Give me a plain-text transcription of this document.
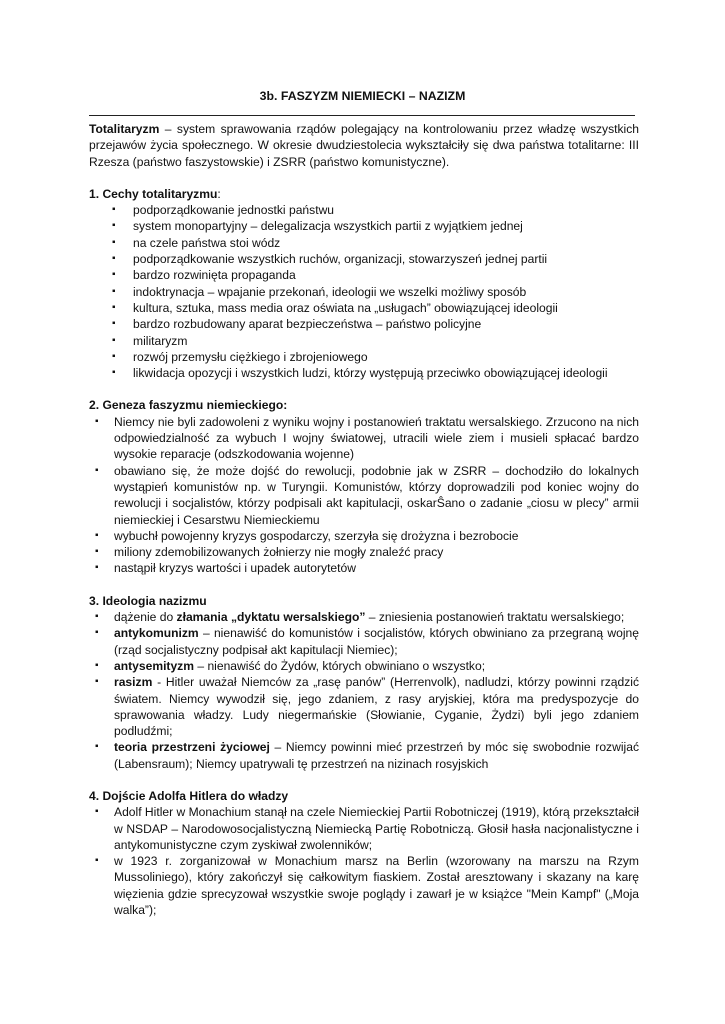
3b. FASZYZM NIEMIECKI – NAZIZM

Totalitaryzm – system sprawowania rządów polegający na kontrolowaniu przez władzę wszystkich przejawów życia społecznego. W okresie dwudziestolecia wykształciły się dwa państwa totalitarne: III Rzesza (państwo faszystowskie) i ZSRR (państwo komunistyczne).

1. Cechy totalitaryzmu:

▪ podporządkowanie jednostki państwu
▪ system monopartyjny – delegalizacja wszystkich partii z wyjątkiem jednej
▪ na czele państwa stoi wódz
▪ podporządkowanie wszystkich ruchów, organizacji, stowarzyszeń jednej partii
▪ bardzo rozwinięta propaganda
▪ indoktrynacja – wpajanie przekonań, ideologii we wszelki możliwy sposób
▪ kultura, sztuka, mass media oraz oświata na „usługach” obowiązującej ideologii
▪ bardzo rozbudowany aparat bezpieczeństwa – państwo policyjne
▪ militaryzm
▪ rozwój przemysłu ciężkiego i zbrojeniowego
▪ likwidacja opozycji i wszystkich ludzi, którzy występują przeciwko obowiązującej ideologii

2. Geneza faszyzmu niemieckiego:

▪ Niemcy nie byli zadowoleni z wyniku wojny i postanowień traktatu wersalskiego. Zrzucono na nich odpowiedzialność za wybuch I wojny światowej, utracili wiele ziem i musieli spłacać bardzo wysokie reparacje (odszkodowania wojenne)
▪ obawiano się, że może dojść do rewolucji, podobnie jak w ZSRR – dochodziło do lokalnych wystąpień komunistów np. w Turyngii. Komunistów, którzy doprowadzili pod koniec wojny do rewolucji i socjalistów, którzy podpisali akt kapitulacji, oskarŜano o zadanie „ciosu w plecy” armii niemieckiej i Cesarstwu Niemieckiemu
▪ wybuchł powojenny kryzys gospodarczy, szerzyła się drożyzna i bezrobocie
▪ miliony zdemobilizowanych żołnierzy nie mogły znaleźć pracy
▪ nastąpił kryzys wartości i upadek autorytetów

3. Ideologia nazizmu

▪ dążenie do złamania „dyktatu wersalskiego” – zniesienia postanowień traktatu wersalskiego;
▪ antykomunizm – nienawiść do komunistów i socjalistów, których obwiniano za przegraną wojnę (rząd socjalistyczny podpisał akt kapitulacji Niemiec);
▪ antysemityzm – nienawiść do Żydów, których obwiniano o wszystko;
▪ rasizm - Hitler uważał Niemców za „rasę panów” (Herrenvolk), nadludzi, którzy powinni rządzić światem. Niemcy wywodził się, jego zdaniem, z rasy aryjskiej, która ma predyspozycje do sprawowania władzy. Ludy niegermańskie (Słowianie, Cyganie, Żydzi) byli jego zdaniem podludźmi;
▪ teoria przestrzeni życiowej – Niemcy powinni mieć przestrzeń by móc się swobodnie rozwijać (Labensraum); Niemcy upatrywali tę przestrzeń na nizinach rosyjskich

4. Dojście Adolfa Hitlera do władzy

▪ Adolf Hitler w Monachium stanął na czele Niemieckiej Partii Robotniczej (1919), którą przekształcił w NSDAP – Narodowosocjalistyczną Niemiecką Partię Robotniczą. Głosił hasła nacjonalistyczne i antykomunistyczne czym zyskiwał zwolenników;
▪ w 1923 r. zorganizował w Monachium marsz na Berlin (wzorowany na marszu na Rzym Mussoliniego), który zakończył się całkowitym fiaskiem. Został aresztowany i skazany na karę więzienia gdzie sprecyzował wszystkie swoje poglądy i zawarł je w książce "Mein Kampf" („Moja walka”);
